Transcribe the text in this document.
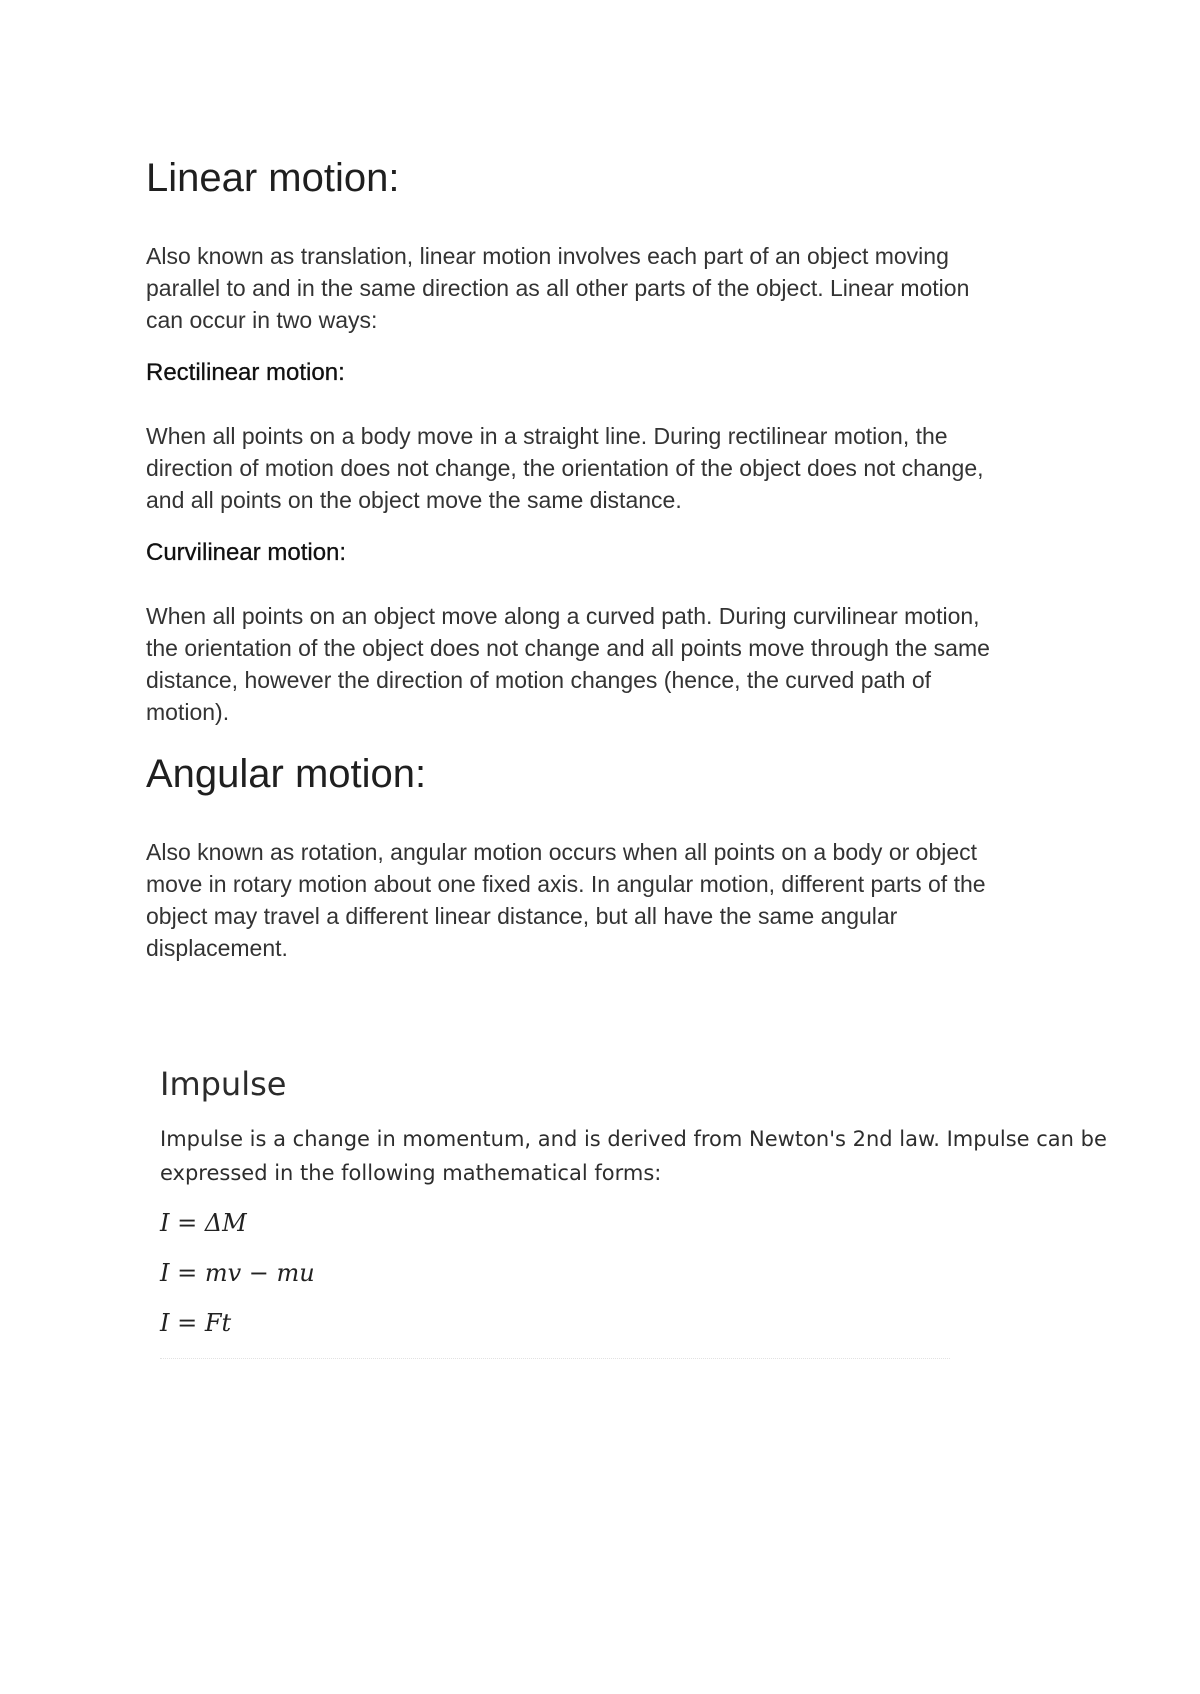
Linear motion:

Also known as translation, linear motion involves each part of an object moving
parallel to and in the same direction as all other parts of the object. Linear motion
can occur in two ways:

Rectilinear motion:

When all points on a body move in a straight line. During rectilinear motion, the
direction of motion does not change, the orientation of the object does not change,
and all points on the object move the same distance.

Curvilinear motion:

When all points on an object move along a curved path. During curvilinear motion,
the orientation of the object does not change and all points move through the same
distance, however the direction of motion changes (hence, the curved path of
motion).

Angular motion:

Also known as rotation, angular motion occurs when all points on a body or object
move in rotary motion about one fixed axis. In angular motion, different parts of the
object may travel a different linear distance, but all have the same angular
displacement.

Impulse

Impulse is a change in momentum, and is derived from Newton's 2nd law. Impulse can be
expressed in the following mathematical forms:

I = ΔM
I = mv − mu
I = Ft
